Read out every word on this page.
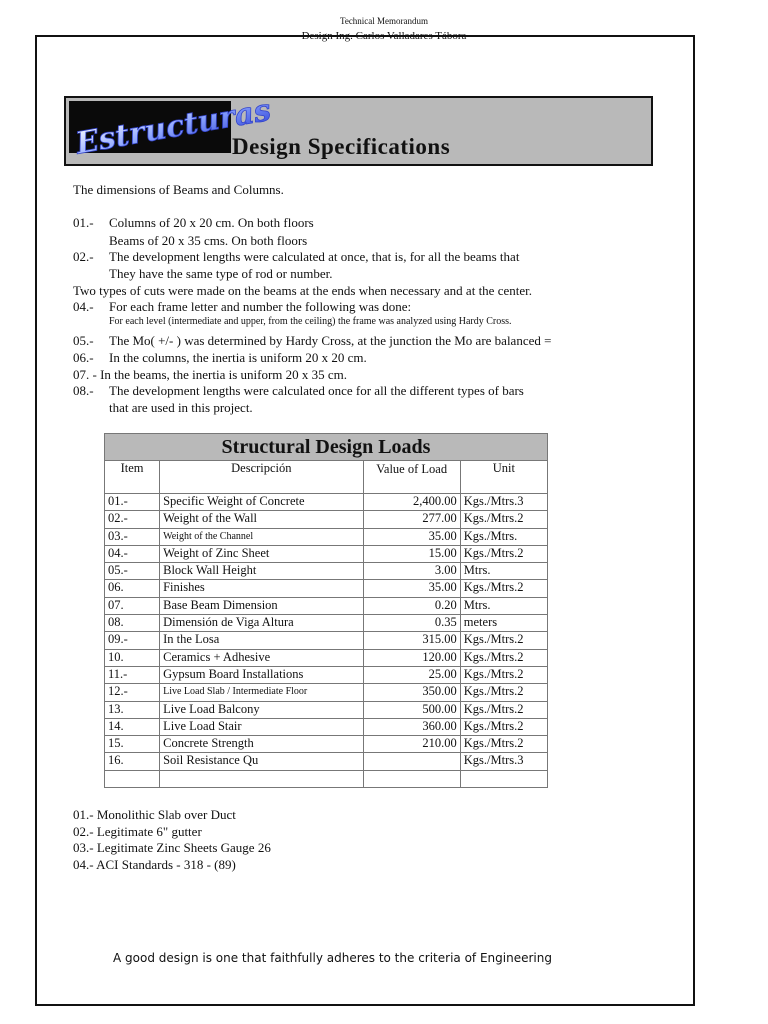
Technical Memorandum
Design Ing. Carlos Valladares Tábora
Estructuras
Design Specifications
The dimensions of Beams and Columns.
01.- Columns of 20 x 20 cm. On both floors
Beams of 20 x 35 cms. On both floors
02.- The development lengths were calculated at once, that is, for all the beams that
They have the same type of rod or number.
Two types of cuts were made on the beams at the ends when necessary and at the center.
04.- For each frame letter and number the following was done:
For each level (intermediate and upper, from the ceiling) the frame was analyzed using Hardy Cross.
05.- The Mo( +/- ) was determined by Hardy Cross, at the junction the Mo are balanced =
06.- In the columns, the inertia is uniform 20 x 20 cm.
07. - In the beams, the inertia is uniform 20 x 35 cm.
08.- The development lengths were calculated once for all the different types of bars
that are used in this project.
Structural Design Loads			
Item	Descripción	Value of Load	Unit
01.-	Specific Weight of Concrete	2,400.00	Kgs./Mtrs.3
02.-	Weight of the Wall	277.00	Kgs./Mtrs.2
03.-	Weight of the Channel	35.00	Kgs./Mtrs.
04.-	Weight of Zinc Sheet	15.00	Kgs./Mtrs.2
05.-	Block Wall Height	3.00	Mtrs.
06.	Finishes	35.00	Kgs./Mtrs.2
07.	Base Beam Dimension	0.20	Mtrs.
08.	Dimensión de Viga Altura	0.35	meters
09.-	In the Losa	315.00	Kgs./Mtrs.2
10.	Ceramics + Adhesive	120.00	Kgs./Mtrs.2
11.-	Gypsum Board Installations	25.00	Kgs./Mtrs.2
12.-	Live Load Slab / Intermediate Floor	350.00	Kgs./Mtrs.2
13.	Live Load Balcony	500.00	Kgs./Mtrs.2
14.	Live Load Stair	360.00	Kgs./Mtrs.2
15.	Concrete Strength	210.00	Kgs./Mtrs.2
16.	Soil Resistance Qu		Kgs./Mtrs.3

01.- Monolithic Slab over Duct
02.- Legitimate 6" gutter
03.- Legitimate Zinc Sheets Gauge 26
04.- ACI Standards - 318 - (89)
A good design is one that faithfully adheres to the criteria of Engineering
